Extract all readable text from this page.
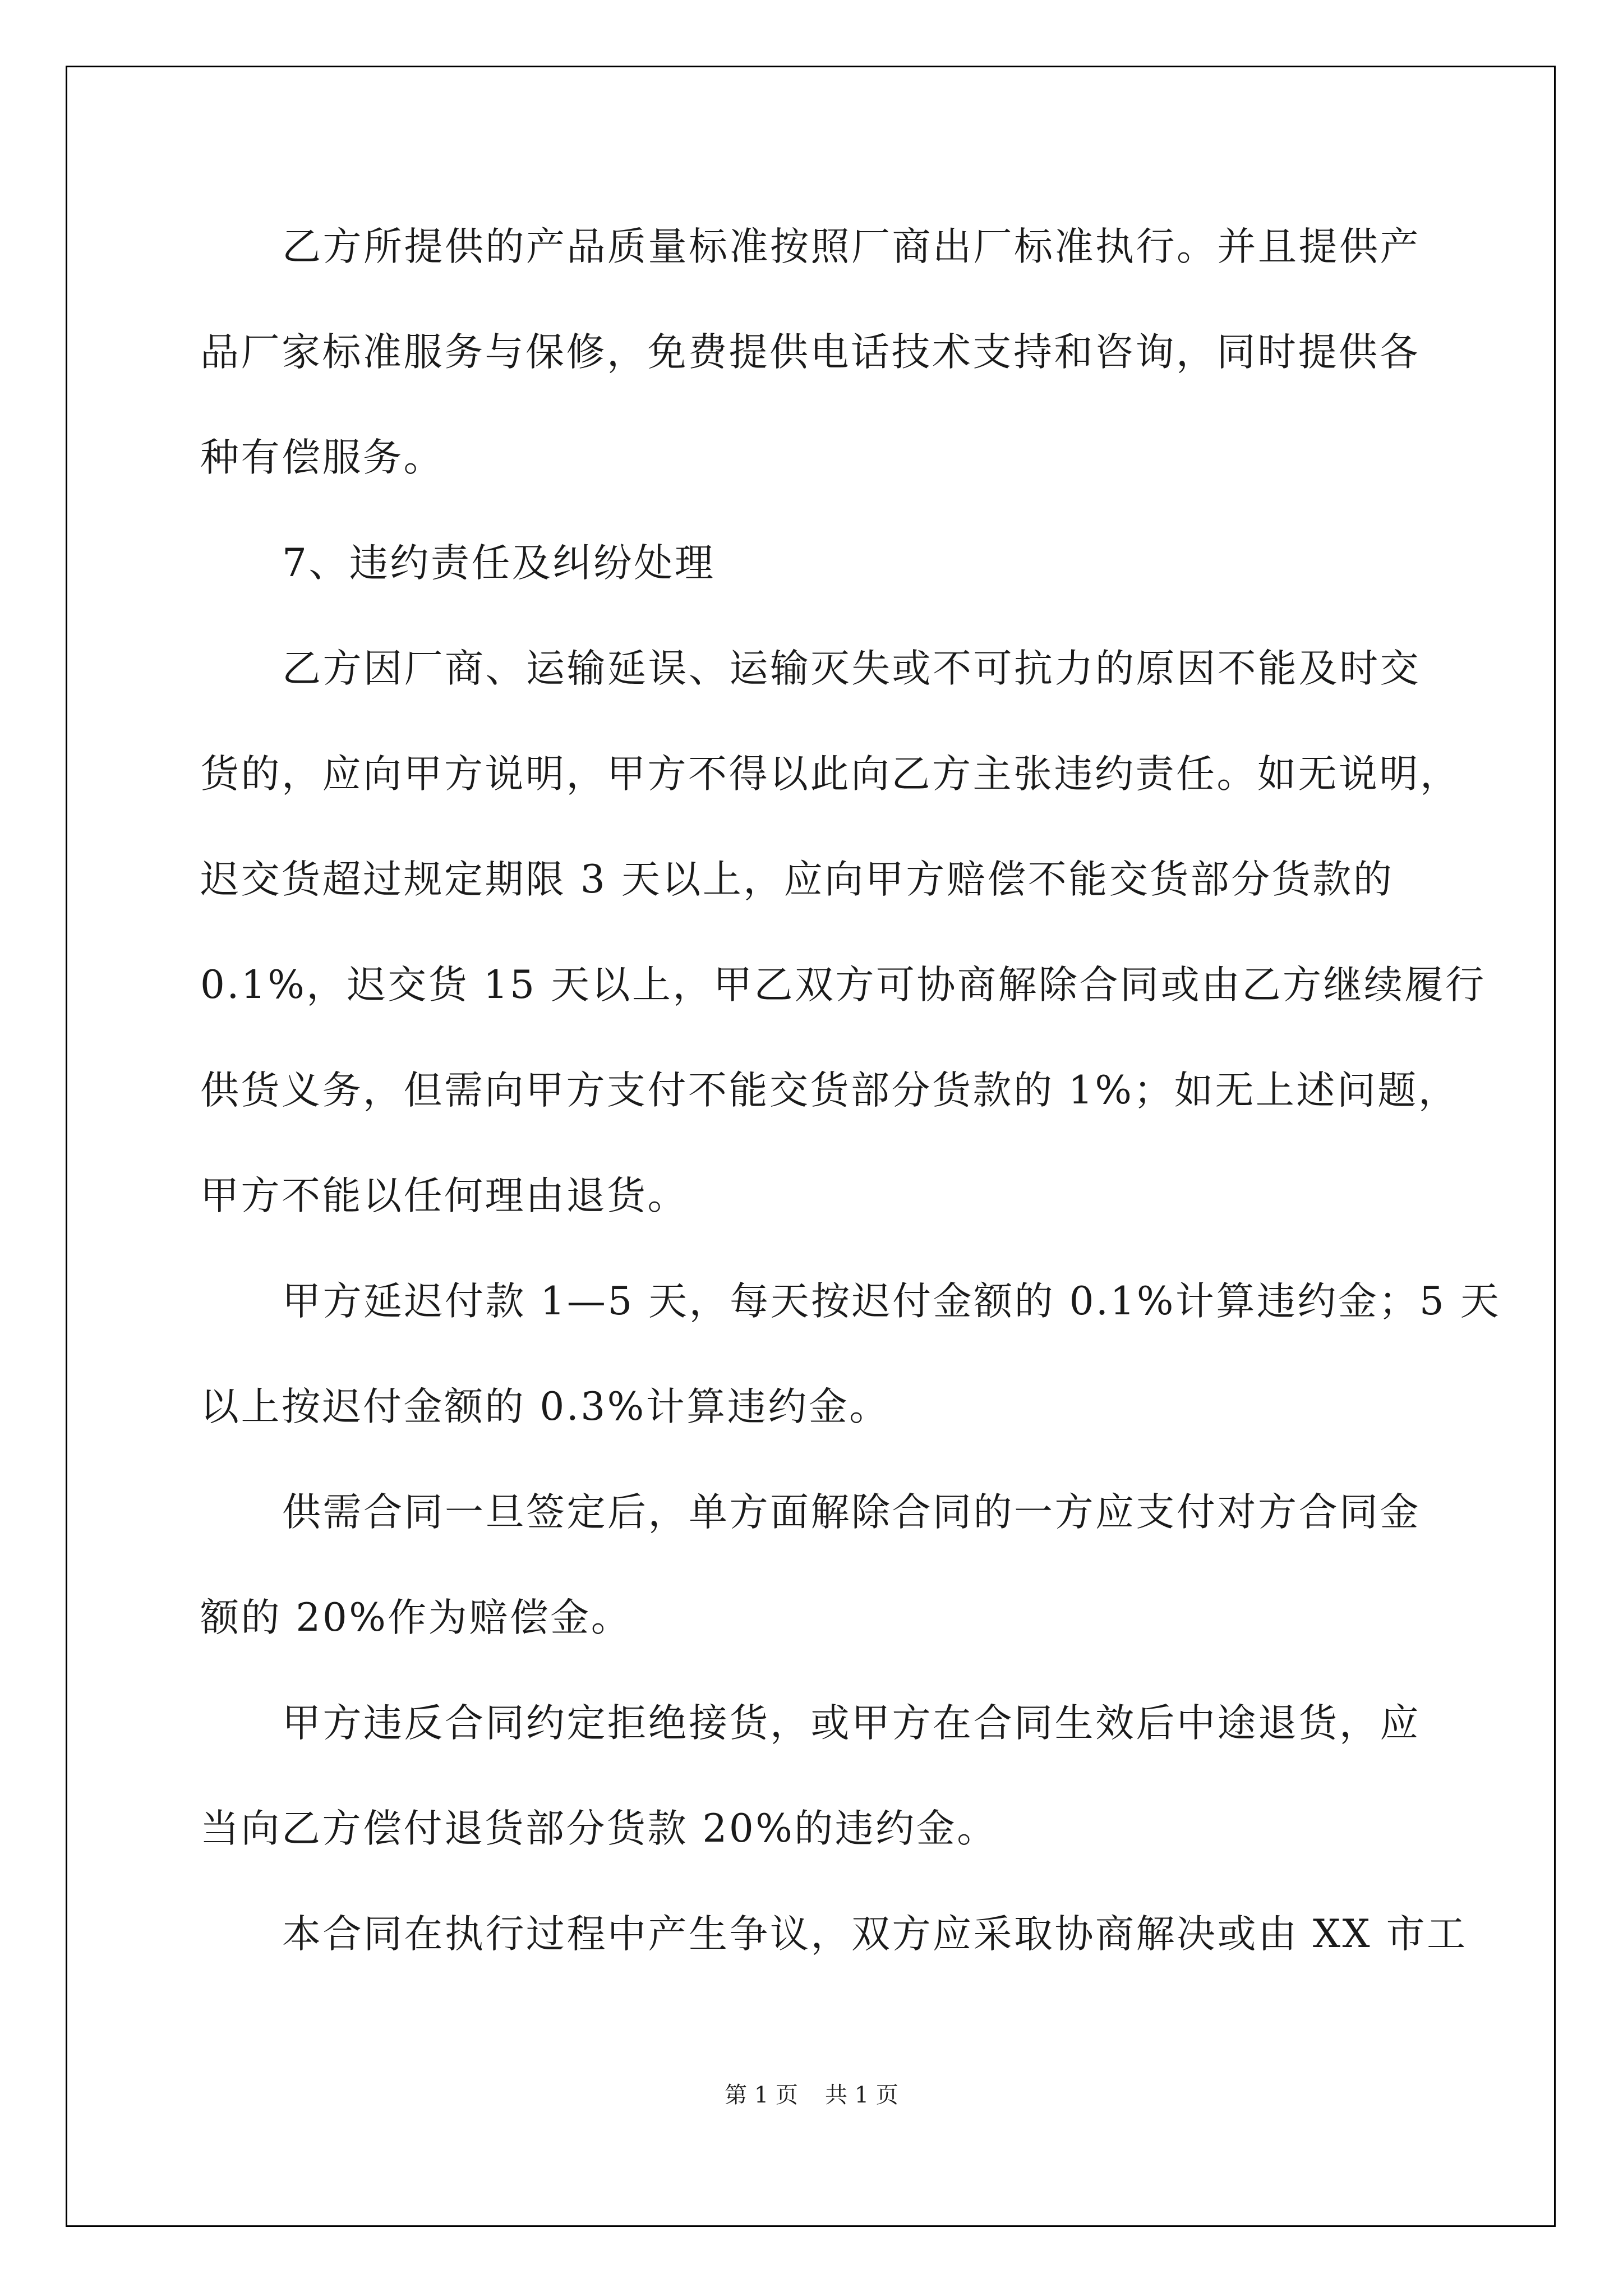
乙方所提供的产品质量标准按照厂商出厂标准执行。并且提供产
品厂家标准服务与保修，免费提供电话技术支持和咨询，同时提供各
种有偿服务。
7、违约责任及纠纷处理
乙方因厂商、运输延误、运输灭失或不可抗力的原因不能及时交
货的，应向甲方说明，甲方不得以此向乙方主张违约责任。如无说明，
迟交货超过规定期限 3 天以上，应向甲方赔偿不能交货部分货款的
0.1%，迟交货 15 天以上，甲乙双方可协商解除合同或由乙方继续履行
供货义务，但需向甲方支付不能交货部分货款的 1%；如无上述问题，
甲方不能以任何理由退货。
甲方延迟付款 1—5 天，每天按迟付金额的 0.1%计算违约金；5 天
以上按迟付金额的 0.3%计算违约金。
供需合同一旦签定后，单方面解除合同的一方应支付对方合同金
额的 20%作为赔偿金。
甲方违反合同约定拒绝接货，或甲方在合同生效后中途退货，应
当向乙方偿付退货部分货款 20%的违约金。
本合同在执行过程中产生争议，双方应采取协商解决或由 XX 市工
第 1 页 共 1 页
